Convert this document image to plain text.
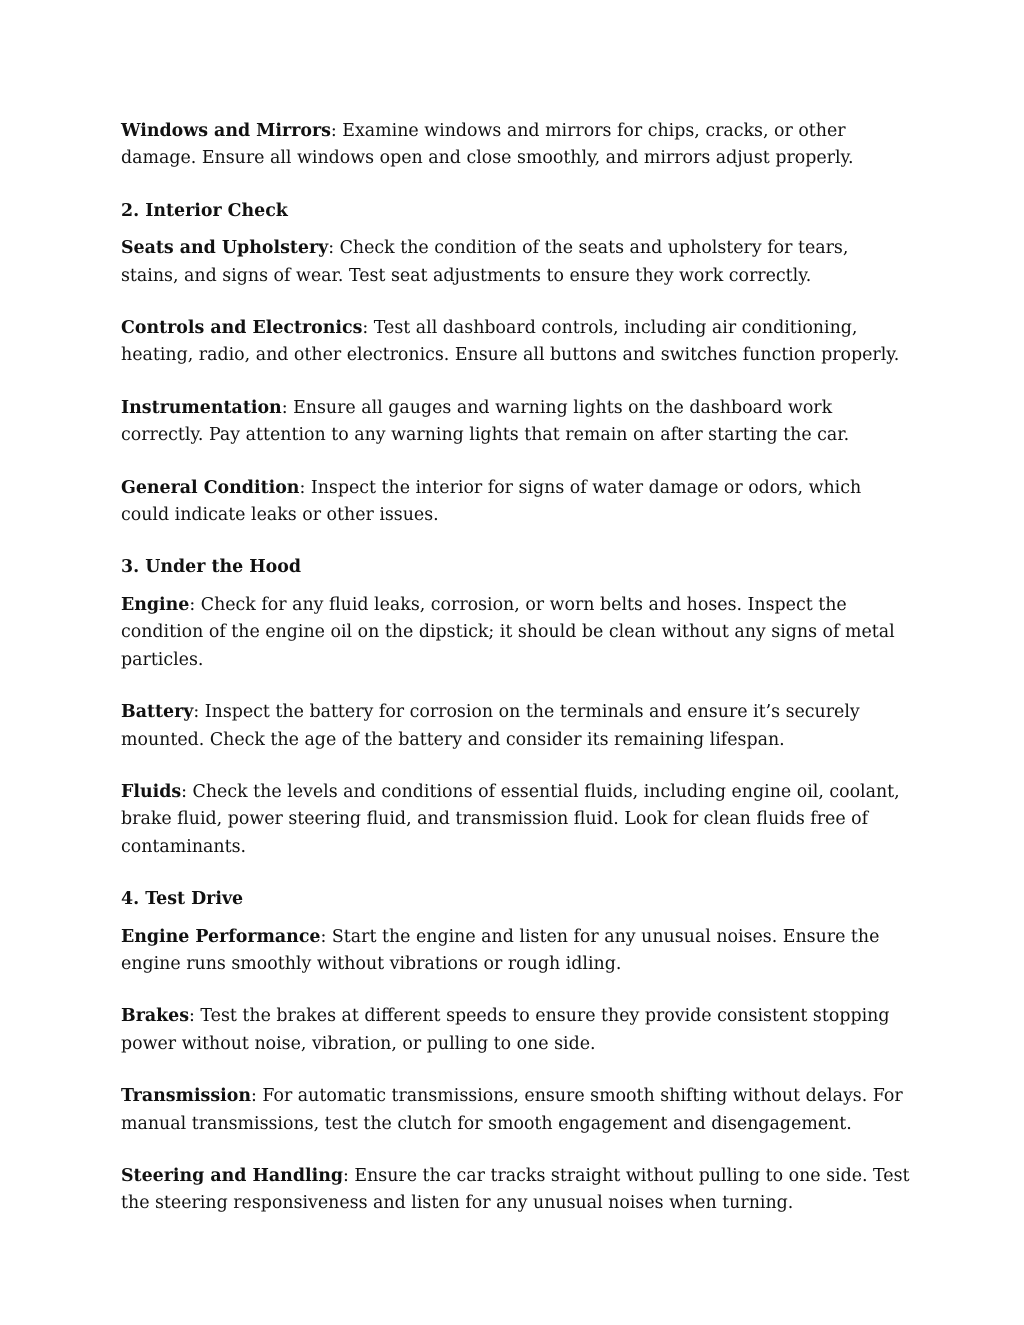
Windows and Mirrors: Examine windows and mirrors for chips, cracks, or other damage. Ensure all windows open and close smoothly, and mirrors adjust properly.

2. Interior Check

Seats and Upholstery: Check the condition of the seats and upholstery for tears, stains, and signs of wear. Test seat adjustments to ensure they work correctly.

Controls and Electronics: Test all dashboard controls, including air conditioning, heating, radio, and other electronics. Ensure all buttons and switches function properly.

Instrumentation: Ensure all gauges and warning lights on the dashboard work correctly. Pay attention to any warning lights that remain on after starting the car.

General Condition: Inspect the interior for signs of water damage or odors, which could indicate leaks or other issues.

3. Under the Hood

Engine: Check for any fluid leaks, corrosion, or worn belts and hoses. Inspect the condition of the engine oil on the dipstick; it should be clean without any signs of metal particles.

Battery: Inspect the battery for corrosion on the terminals and ensure it’s securely mounted. Check the age of the battery and consider its remaining lifespan.

Fluids: Check the levels and conditions of essential fluids, including engine oil, coolant, brake fluid, power steering fluid, and transmission fluid. Look for clean fluids free of contaminants.

4. Test Drive

Engine Performance: Start the engine and listen for any unusual noises. Ensure the engine runs smoothly without vibrations or rough idling.

Brakes: Test the brakes at different speeds to ensure they provide consistent stopping power without noise, vibration, or pulling to one side.

Transmission: For automatic transmissions, ensure smooth shifting without delays. For manual transmissions, test the clutch for smooth engagement and disengagement.

Steering and Handling: Ensure the car tracks straight without pulling to one side. Test the steering responsiveness and listen for any unusual noises when turning.
